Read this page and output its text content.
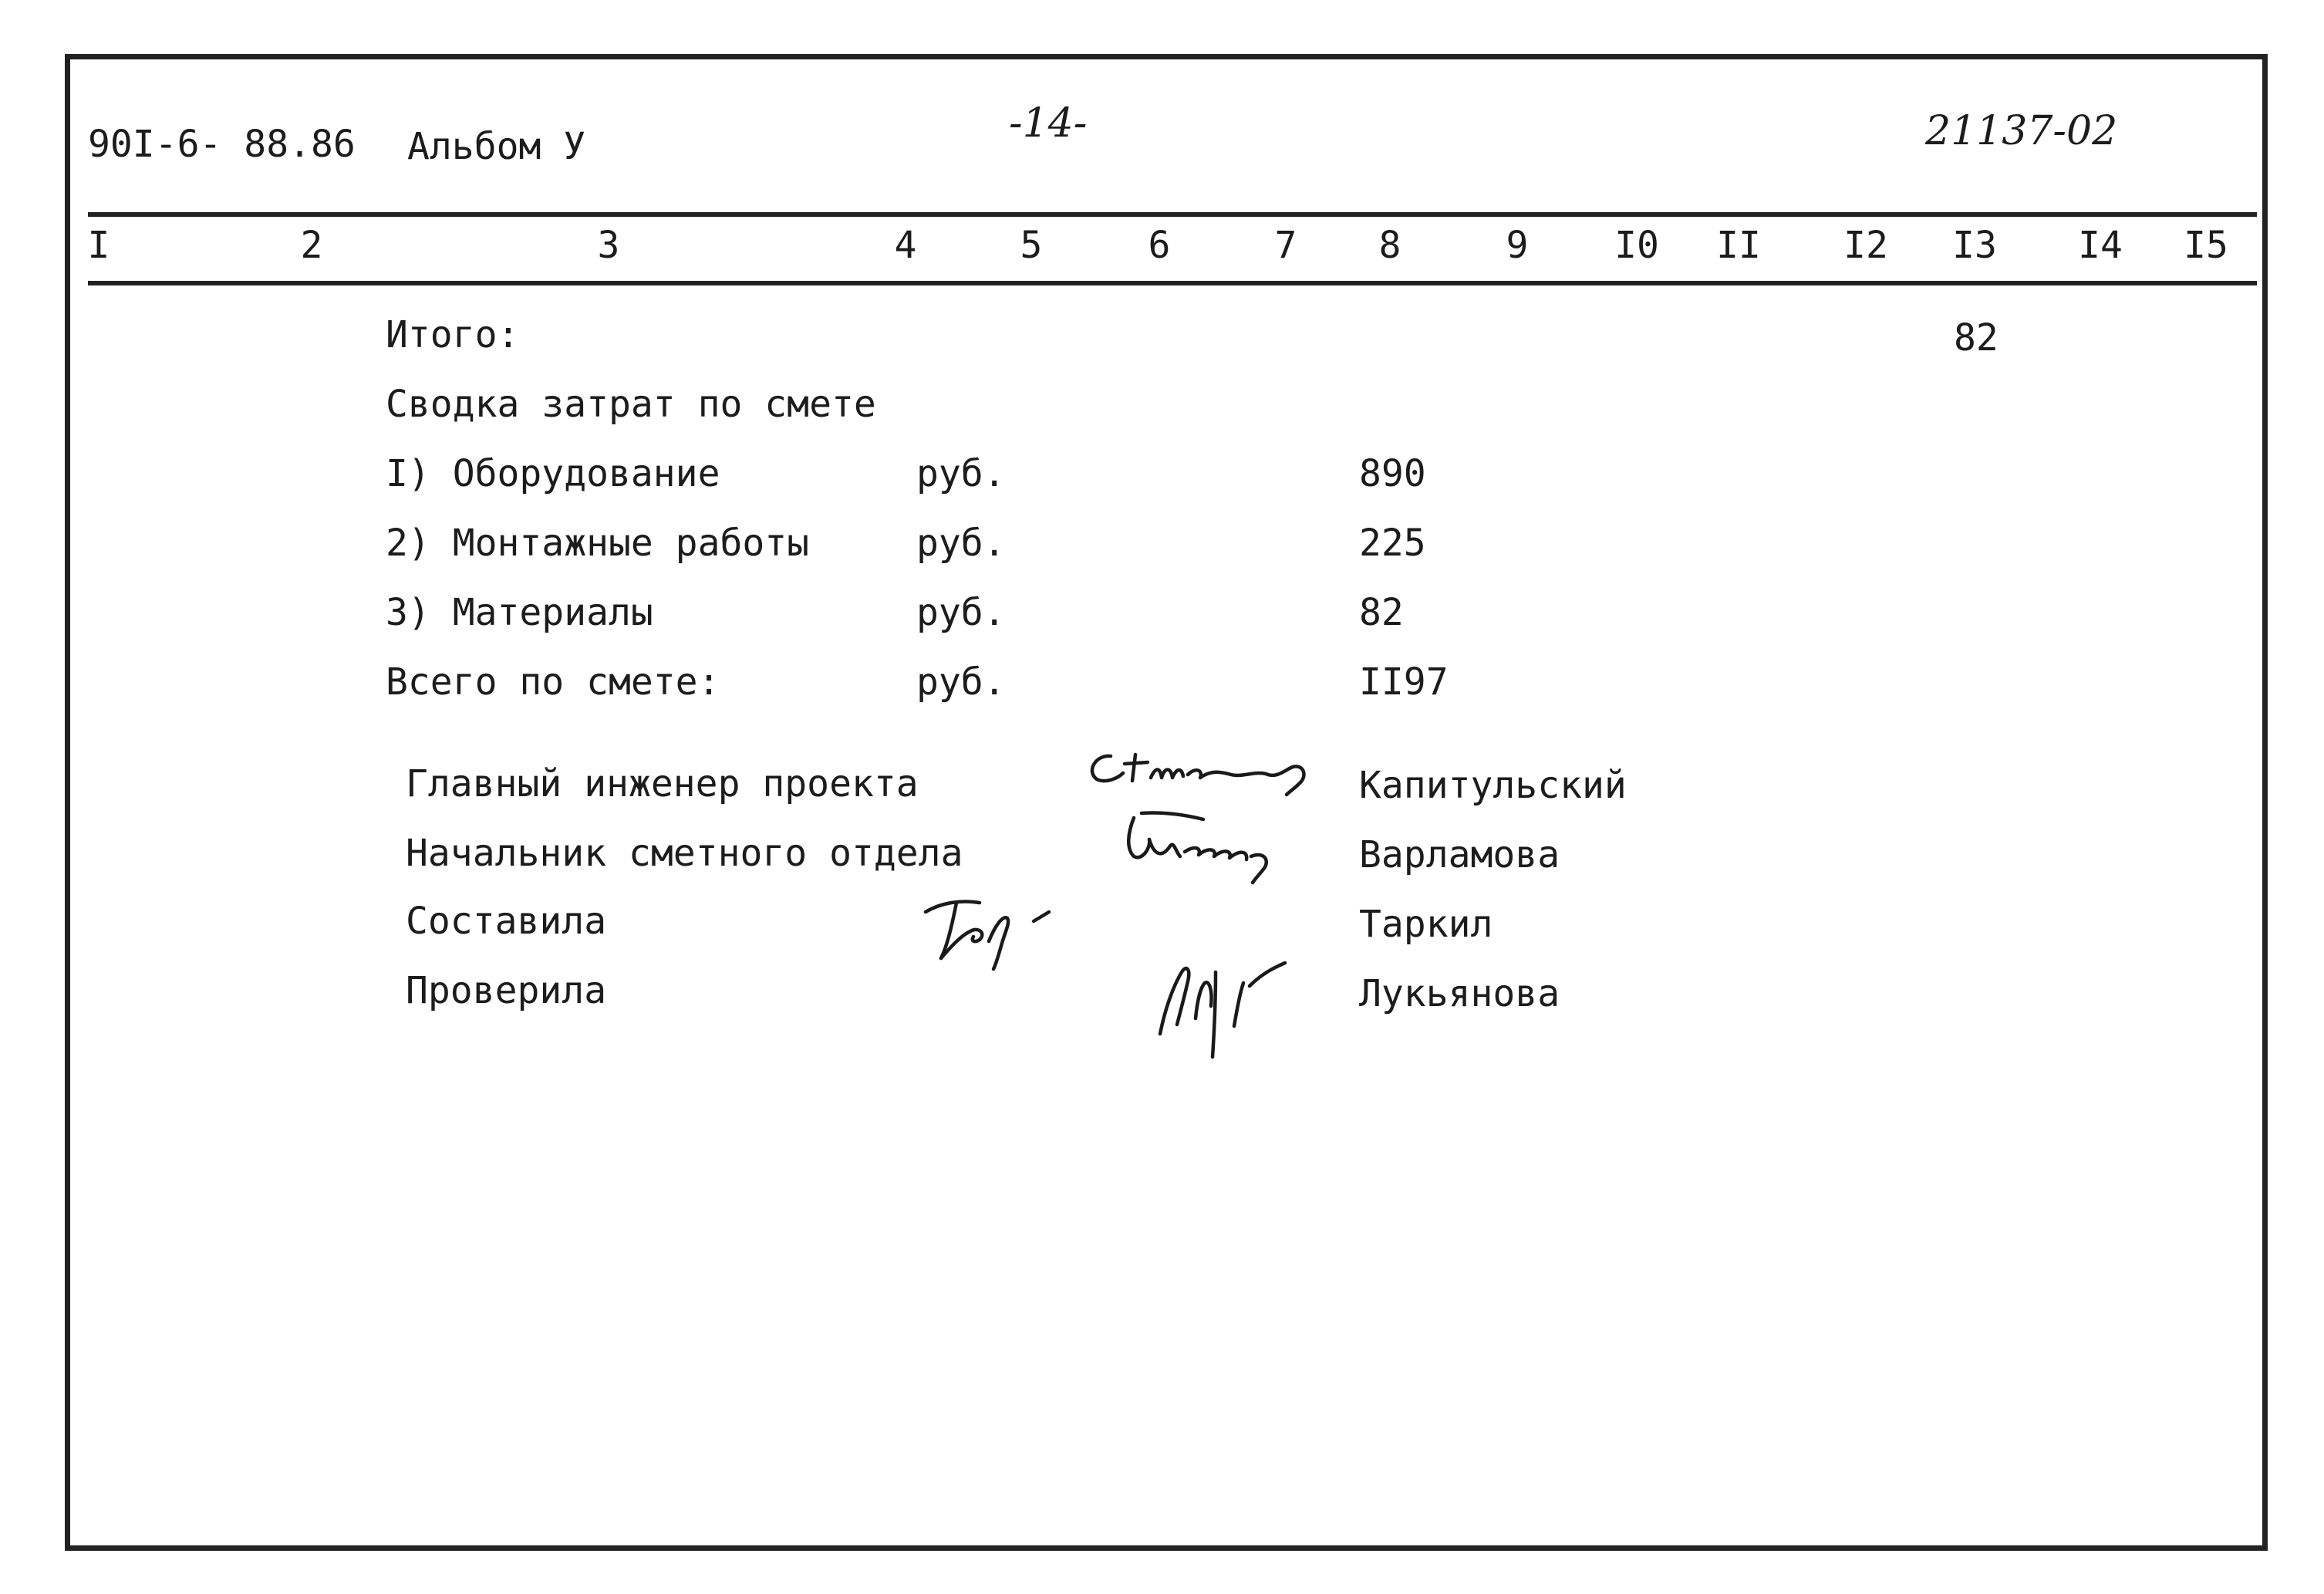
90I-6- 88.86 Альбом У	-14-	21137-02
I	2	3	4	5	6	7 8	9 I0 II I2 I3 I4 I5
Итого:	82
Сводка затрат по смете
I) Оборудование	руб.	890
2) Монтажные работы	руб.	225
3) Материалы	руб.	82
Всего по смете:	руб.	II97
Главный инженер проекта	Капитульский
Начальник сметного отдела	Варламова
Составила	Таркил
Проверила	Лукьянова
